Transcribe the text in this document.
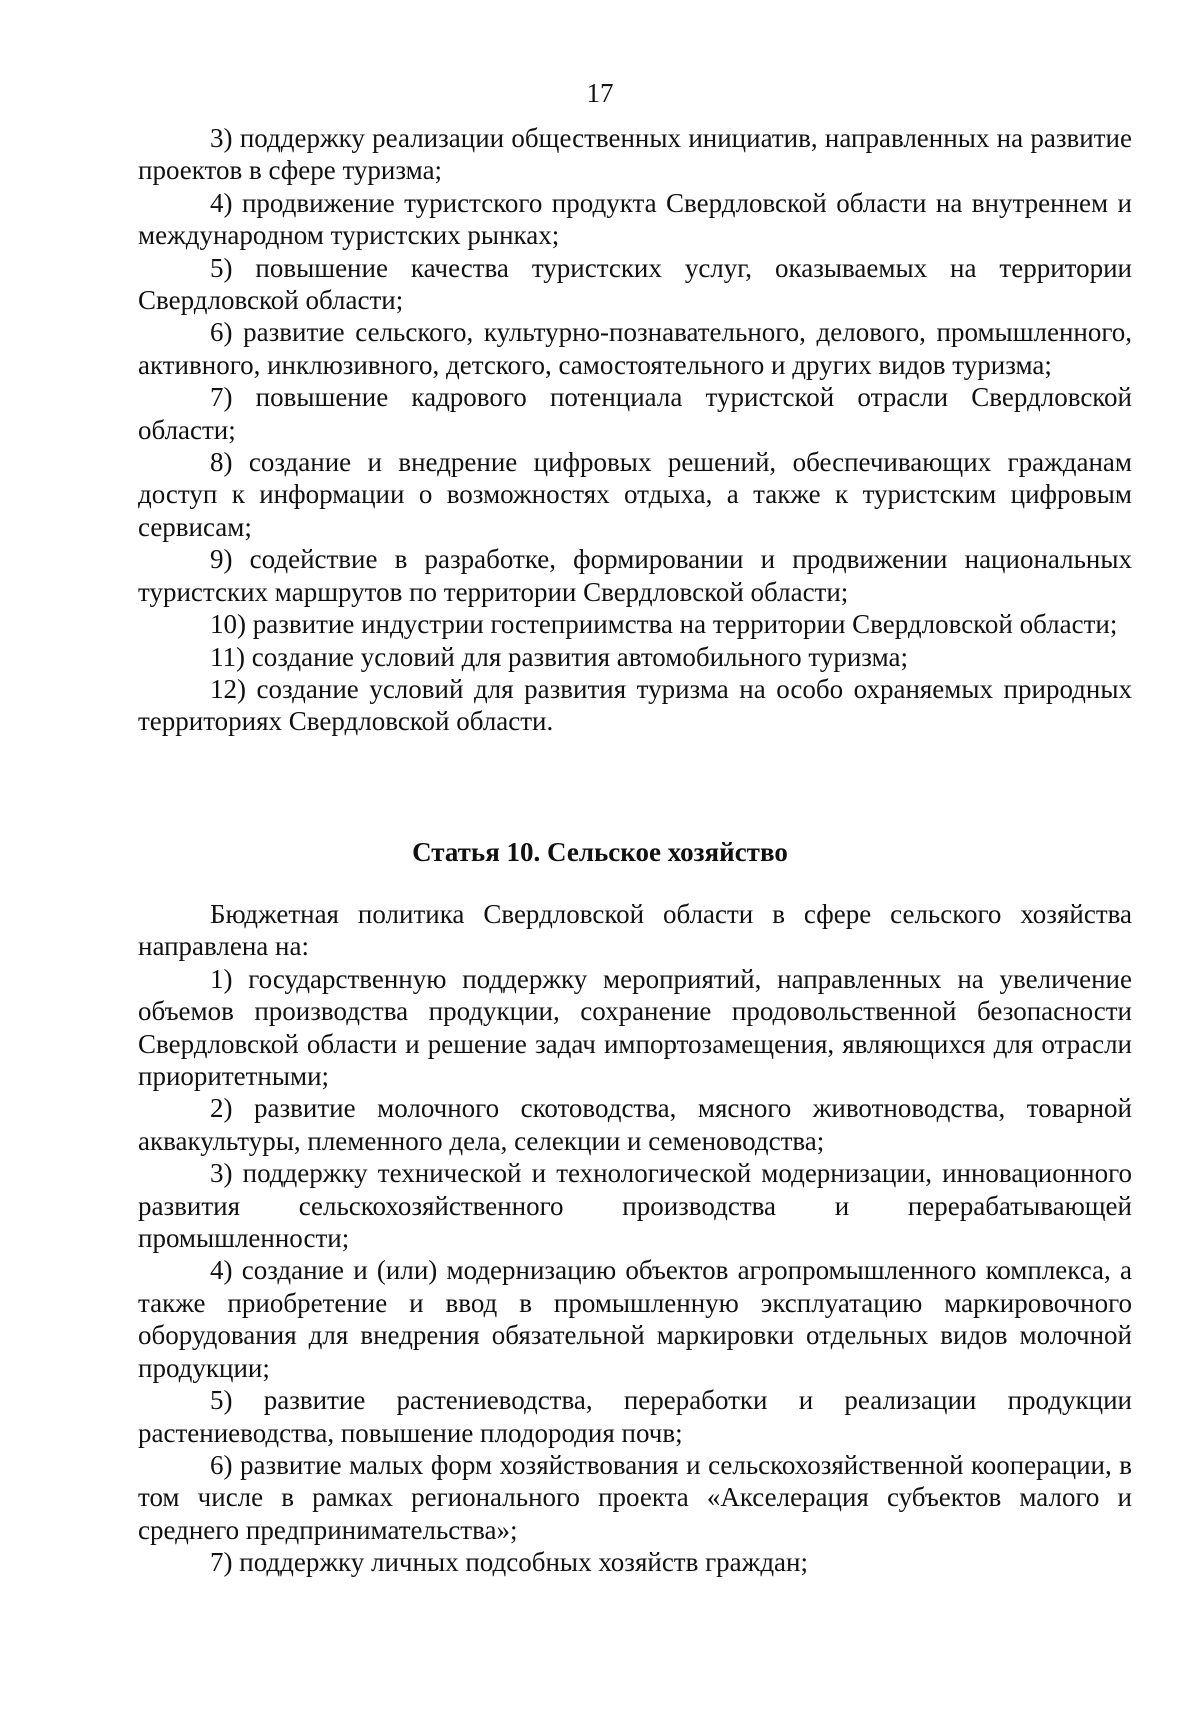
17

3) поддержку реализации общественных инициатив, направленных на развитие проектов в сфере туризма;

4) продвижение туристского продукта Свердловской области на внутреннем и международном туристских рынках;

5) повышение качества туристских услуг, оказываемых на территории Свердловской области;

6) развитие сельского, культурно-познавательного, делового, промышленного, активного, инклюзивного, детского, самостоятельного и других видов туризма;

7) повышение кадрового потенциала туристской отрасли Свердловской области;

8) создание и внедрение цифровых решений, обеспечивающих гражданам доступ к информации о возможностях отдыха, а также к туристским цифровым сервисам;

9) содействие в разработке, формировании и продвижении национальных туристских маршрутов по территории Свердловской области;

10) развитие индустрии гостеприимства на территории Свердловской области;

11) создание условий для развития автомобильного туризма;

12) создание условий для развития туризма на особо охраняемых природных территориях Свердловской области.

Статья 10. Сельское хозяйство

Бюджетная политика Свердловской области в сфере сельского хозяйства направлена на:

1) государственную поддержку мероприятий, направленных на увеличение объемов производства продукции, сохранение продовольственной безопасности Свердловской области и решение задач импортозамещения, являющихся для отрасли приоритетными;

2) развитие молочного скотоводства, мясного животноводства, товарной аквакультуры, племенного дела, селекции и семеноводства;

3) поддержку технической и технологической модернизации, инновационного развития сельскохозяйственного производства и перерабатывающей промышленности;

4) создание и (или) модернизацию объектов агропромышленного комплекса, а также приобретение и ввод в промышленную эксплуатацию маркировочного оборудования для внедрения обязательной маркировки отдельных видов молочной продукции;

5) развитие растениеводства, переработки и реализации продукции растениеводства, повышение плодородия почв;

6) развитие малых форм хозяйствования и сельскохозяйственной кооперации, в том числе в рамках регионального проекта «Акселерация субъектов малого и среднего предпринимательства»;

7) поддержку личных подсобных хозяйств граждан;
